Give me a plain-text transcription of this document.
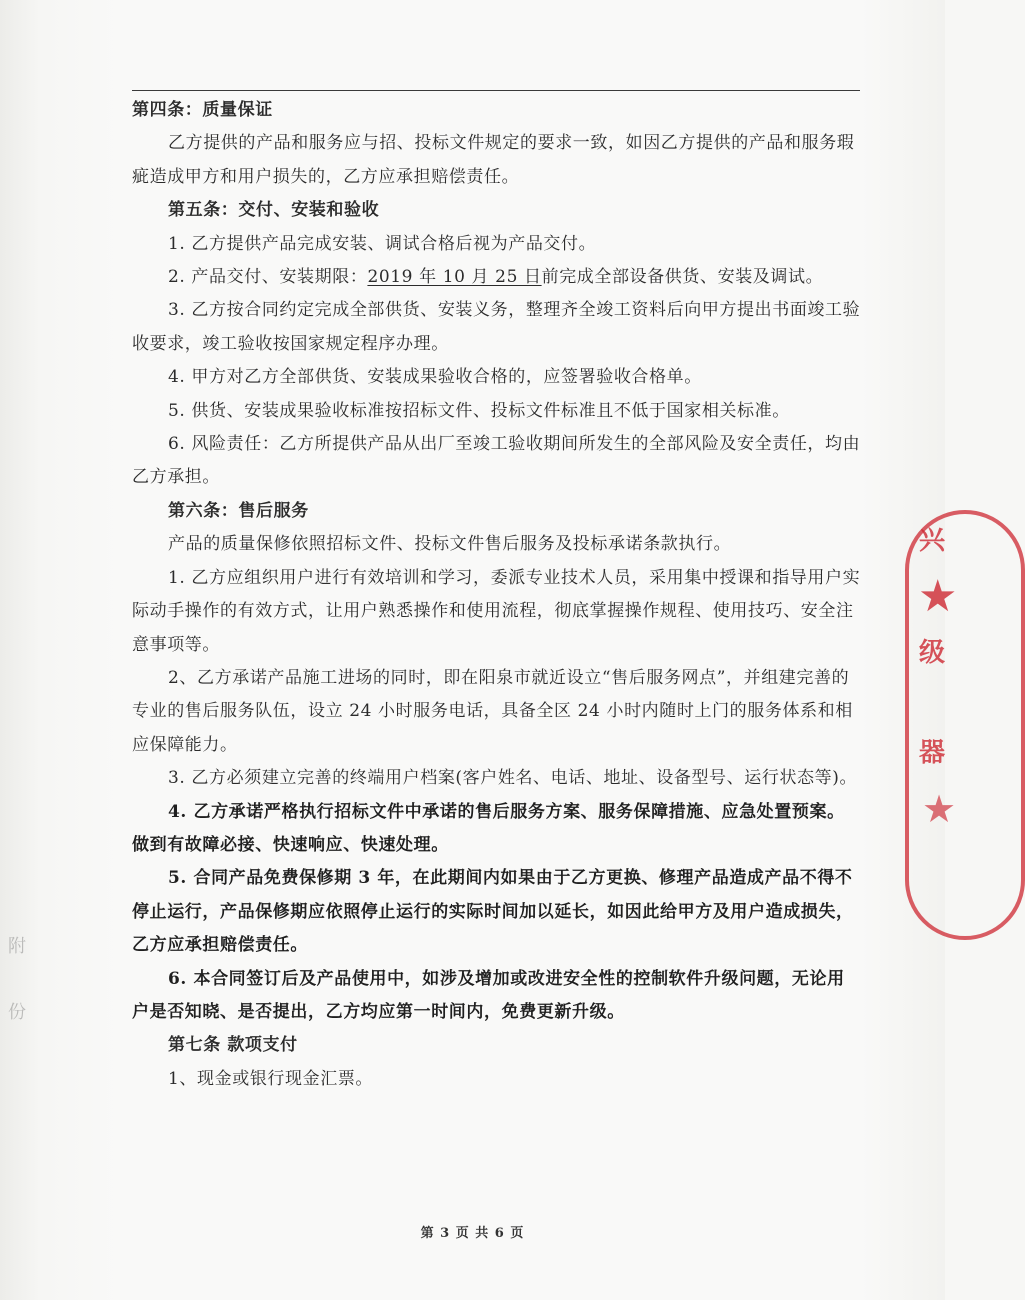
第四条：质量保证

乙方提供的产品和服务应与招、投标文件规定的要求一致，如因乙方提供的产品和服务瑕疵造成甲方和用户损失的，乙方应承担赔偿责任。

第五条：交付、安装和验收

1. 乙方提供产品完成安装、调试合格后视为产品交付。

2. 产品交付、安装期限：2019 年 10 月 25 日前完成全部设备供货、安装及调试。

3. 乙方按合同约定完成全部供货、安装义务，整理齐全竣工资料后向甲方提出书面竣工验收要求，竣工验收按国家规定程序办理。

4. 甲方对乙方全部供货、安装成果验收合格的，应签署验收合格单。

5. 供货、安装成果验收标准按招标文件、投标文件标准且不低于国家相关标准。

6. 风险责任：乙方所提供产品从出厂至竣工验收期间所发生的全部风险及安全责任，均由乙方承担。

第六条：售后服务

产品的质量保修依照招标文件、投标文件售后服务及投标承诺条款执行。

1. 乙方应组织用户进行有效培训和学习，委派专业技术人员，采用集中授课和指导用户实际动手操作的有效方式，让用户熟悉操作和使用流程，彻底掌握操作规程、使用技巧、安全注意事项等。

2、乙方承诺产品施工进场的同时，即在阳泉市就近设立“售后服务网点”，并组建完善的专业的售后服务队伍，设立 24 小时服务电话，具备全区 24 小时内随时上门的服务体系和相应保障能力。

3. 乙方必须建立完善的终端用户档案(客户姓名、电话、地址、设备型号、运行状态等)。

4. 乙方承诺严格执行招标文件中承诺的售后服务方案、服务保障措施、应急处置预案。做到有故障必接、快速响应、快速处理。

5. 合同产品免费保修期 3 年，在此期间内如果由于乙方更换、修理产品造成产品不得不停止运行，产品保修期应依照停止运行的实际时间加以延长，如因此给甲方及用户造成损失，乙方应承担赔偿责任。

6. 本合同签订后及产品使用中，如涉及增加或改进安全性的控制软件升级问题，无论用户是否知晓、是否提出，乙方均应第一时间内，免费更新升级。

第七条 款项支付

1、现金或银行现金汇票。

第 3 页 共 6 页
兴
★
级
器
★
附
份
